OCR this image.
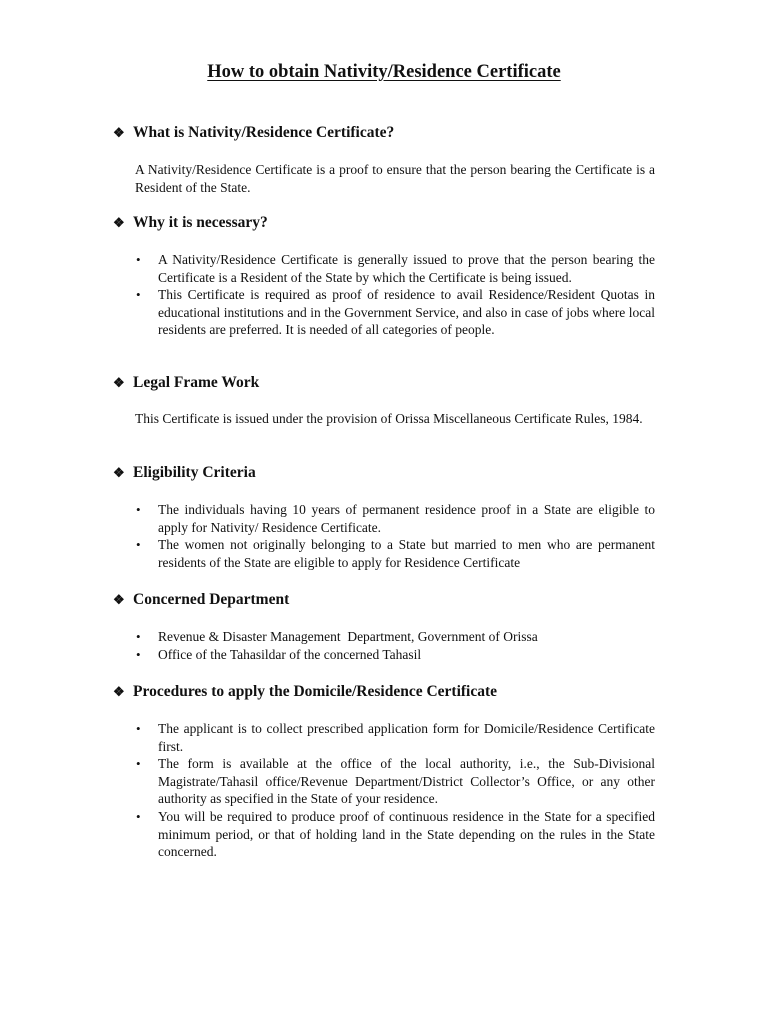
How to obtain Nativity/Residence Certificate
❖ What is Nativity/Residence Certificate?
A Nativity/Residence Certificate is a proof to ensure that the person bearing the Certificate is a Resident of the State.
❖ Why it is necessary?
• A Nativity/Residence Certificate is generally issued to prove that the person bearing the Certificate is a Resident of the State by which the Certificate is being issued.
• This Certificate is required as proof of residence to avail Residence/Resident Quotas in educational institutions and in the Government Service, and also in case of jobs where local residents are preferred. It is needed of all categories of people.
❖ Legal Frame Work
This Certificate is issued under the provision of Orissa Miscellaneous Certificate Rules, 1984.
❖ Eligibility Criteria
• The individuals having 10 years of permanent residence proof in a State are eligible to apply for Nativity/ Residence Certificate.
• The women not originally belonging to a State but married to men who are permanent residents of the State are eligible to apply for Residence Certificate
❖ Concerned Department
• Revenue & Disaster Management  Department, Government of Orissa
• Office of the Tahasildar of the concerned Tahasil
❖ Procedures to apply the Domicile/Residence Certificate
• The applicant is to collect prescribed application form for Domicile/Residence Certificate first.
• The form is available at the office of the local authority, i.e., the Sub-Divisional Magistrate/Tahasil office/Revenue Department/District Collector’s Office, or any other authority as specified in the State of your residence.
• You will be required to produce proof of continuous residence in the State for a specified minimum period, or that of holding land in the State depending on the rules in the State concerned.
